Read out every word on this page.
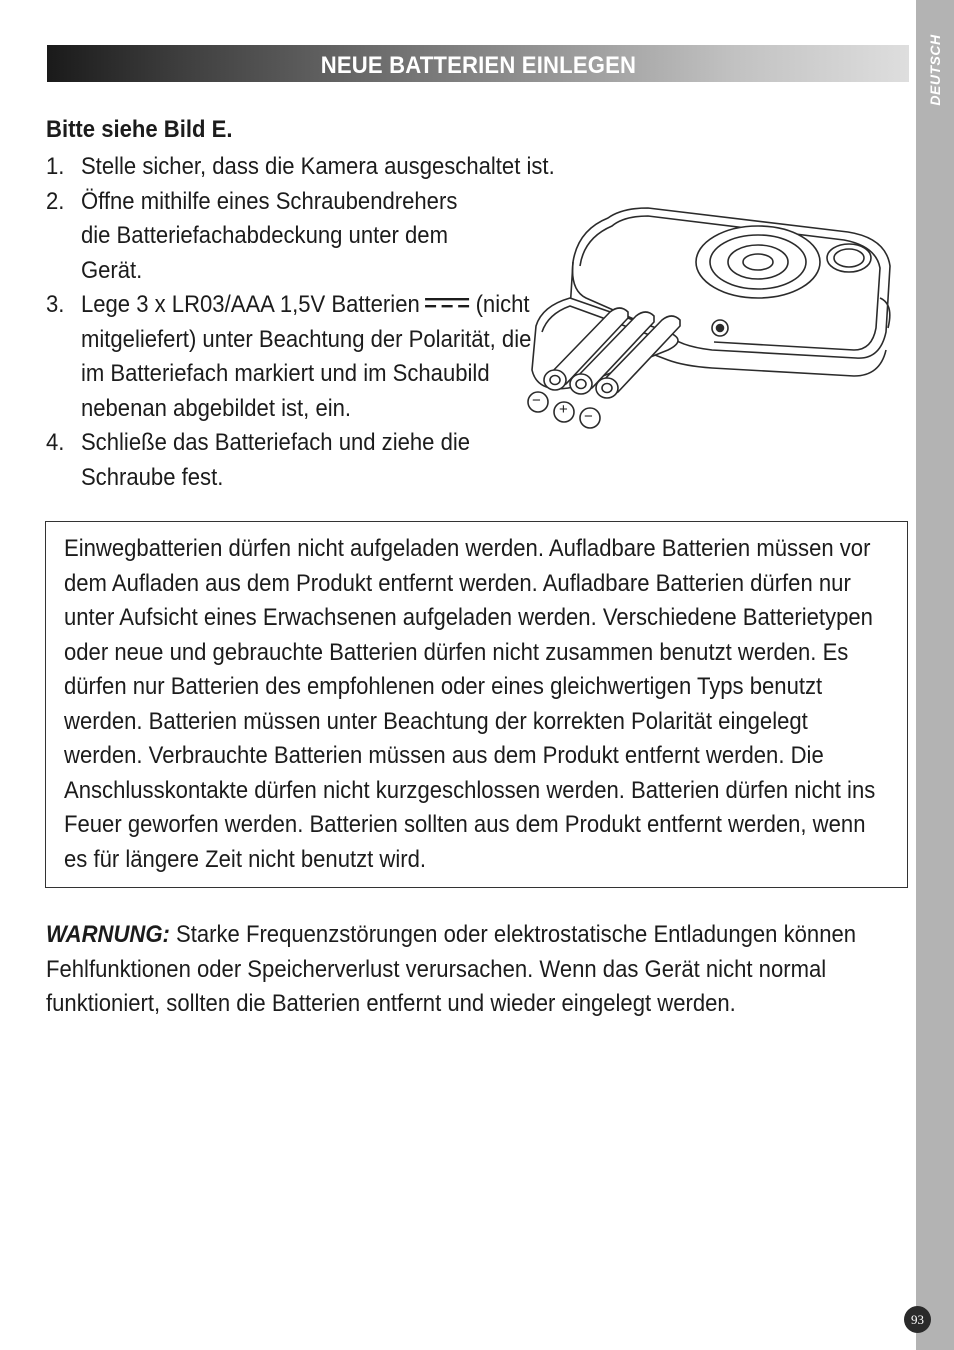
DEUTSCH
NEUE BATTERIEN EINLEGEN
Bitte siehe Bild E.
1. Stelle sicher, dass die Kamera ausgeschaltet ist.
2. Öffne mithilfe eines Schraubendrehers die Batteriefachabdeckung unter dem Gerät.
3. Lege 3 x LR03/AAA 1,5V Batterien (nicht mitgeliefert) unter Beachtung der Polarität, die im Batteriefach markiert und im Schaubild nebenan abgebildet ist, ein.
4. Schließe das Batteriefach und ziehe die Schraube fest.
−
+ −
Einwegbatterien dürfen nicht aufgeladen werden. Aufladbare Batterien müssen vor dem Aufladen aus dem Produkt entfernt werden. Aufladbare Batterien dürfen nur unter Aufsicht eines Erwachsenen aufgeladen werden. Verschiedene Batterietypen oder neue und gebrauchte Batterien dürfen nicht zusammen benutzt werden. Es dürfen nur Batterien des empfohlenen oder eines gleichwertigen Typs benutzt werden. Batterien müssen unter Beachtung der korrekten Polarität eingelegt werden. Verbrauchte Batterien müssen aus dem Produkt entfernt werden. Die Anschlusskontakte dürfen nicht kurzgeschlossen werden. Batterien dürfen nicht ins Feuer geworfen werden. Batterien sollten aus dem Produkt entfernt werden, wenn es für längere Zeit nicht benutzt wird.
WARNUNG: Starke Frequenzstörungen oder elektrostatische Entladungen können Fehlfunktionen oder Speicherverlust verursachen. Wenn das Gerät nicht normal funktioniert, sollten die Batterien entfernt und wieder eingelegt werden.
93
